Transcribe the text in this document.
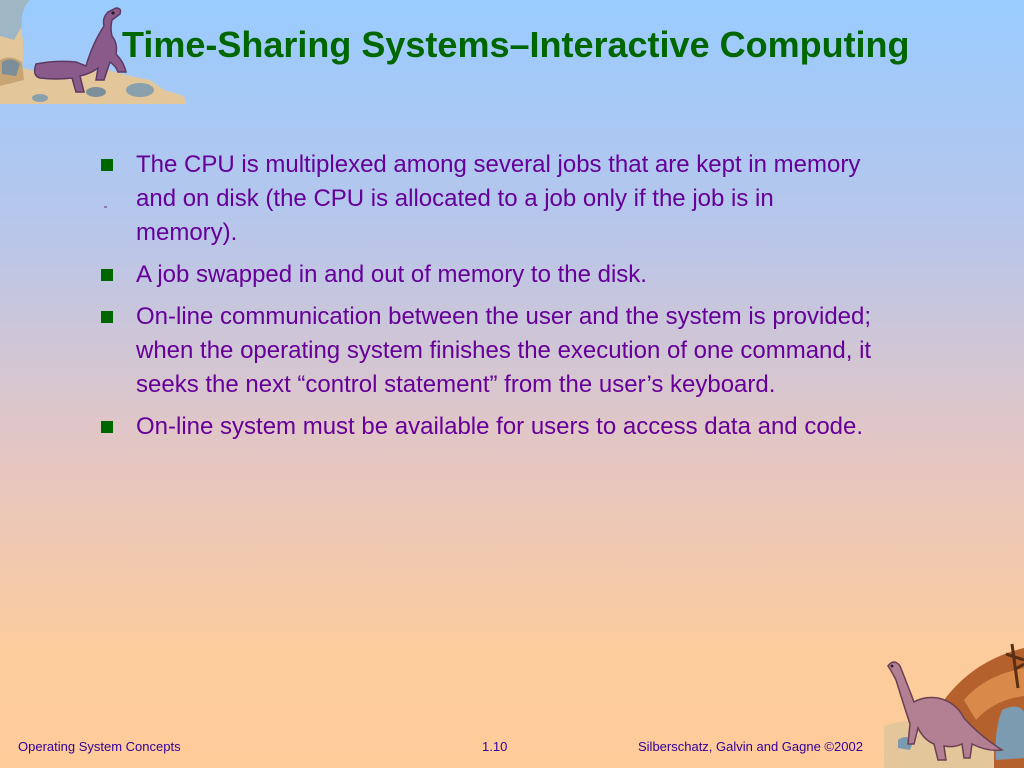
Time-Sharing Systems–Interactive Computing
The CPU is multiplexed among several jobs that are kept in memory and on disk (the CPU is allocated to a job only if the job is in memory).
A job swapped in and out of memory to the disk.
On-line communication between the user and the system is provided; when the operating system finishes the execution of one command, it seeks the next “control statement” from the user’s keyboard.
On-line system must be available for users to access data and code.
Operating System Concepts	1.10	Silberschatz, Galvin and Gagne ©2002
